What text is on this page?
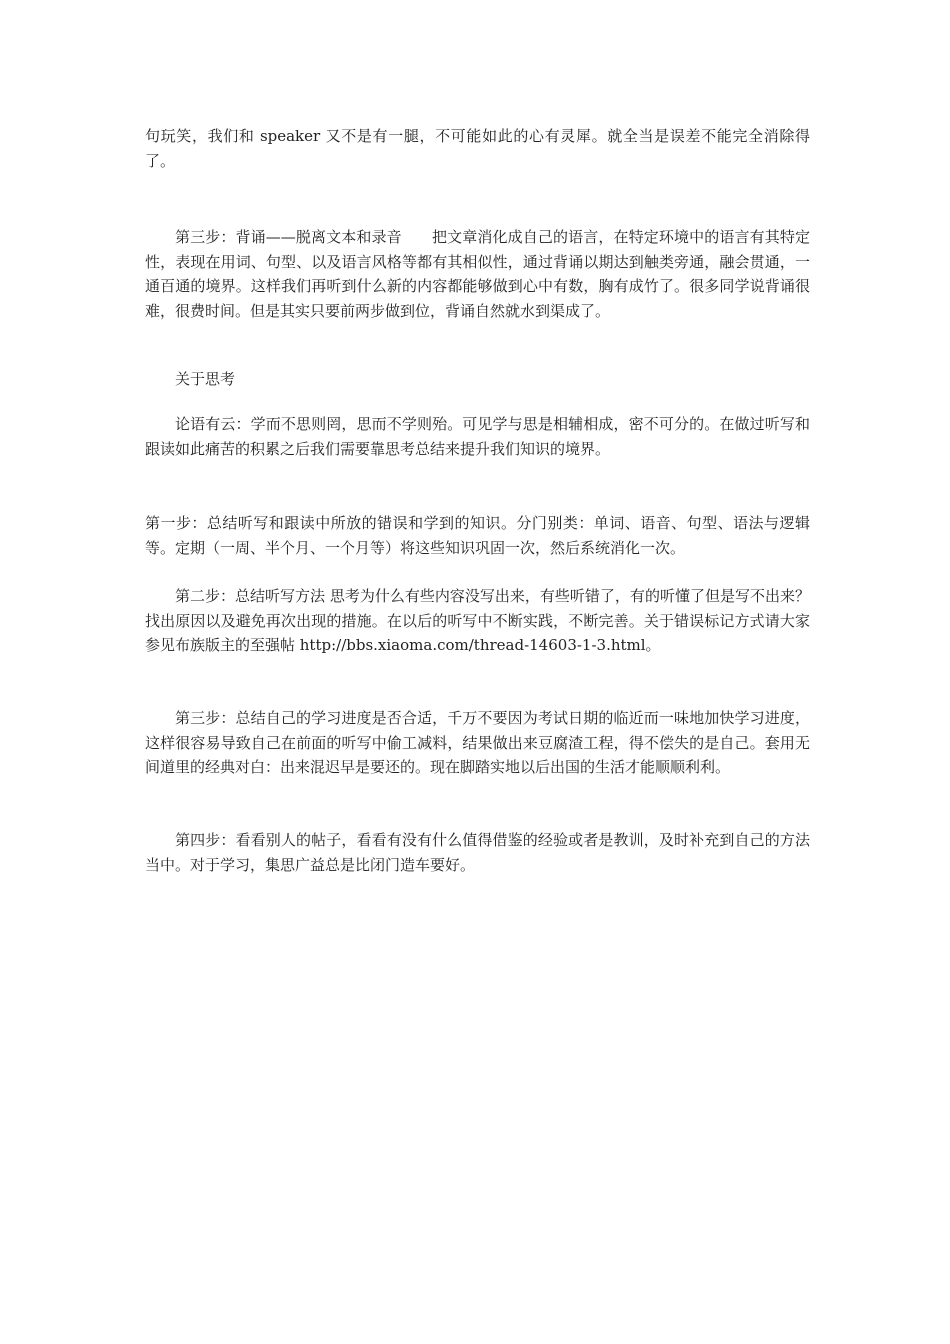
句玩笑，我们和 speaker 又不是有一腿，不可能如此的心有灵犀。就全当是误差不能完全消除得了。

第三步：背诵——脱离文本和录音　　把文章消化成自己的语言，在特定环境中的语言有其特定性，表现在用词、句型、以及语言风格等都有其相似性，通过背诵以期达到触类旁通，融会贯通，一通百通的境界。这样我们再听到什么新的内容都能够做到心中有数，胸有成竹了。很多同学说背诵很难，很费时间。但是其实只要前两步做到位，背诵自然就水到渠成了。

关于思考

论语有云：学而不思则罔，思而不学则殆。可见学与思是相辅相成，密不可分的。在做过听写和跟读如此痛苦的积累之后我们需要靠思考总结来提升我们知识的境界。

第一步：总结听写和跟读中所放的错误和学到的知识。分门别类：单词、语音、句型、语法与逻辑等。定期（一周、半个月、一个月等）将这些知识巩固一次，然后系统消化一次。

第二步：总结听写方法 思考为什么有些内容没写出来，有些听错了，有的听懂了但是写不出来？找出原因以及避免再次出现的措施。在以后的听写中不断实践，不断完善。关于错误标记方式请大家参见布族版主的至强帖 http://bbs.xiaoma.com/thread-14603-1-3.html。

第三步：总结自己的学习进度是否合适，千万不要因为考试日期的临近而一味地加快学习进度，这样很容易导致自己在前面的听写中偷工减料，结果做出来豆腐渣工程，得不偿失的是自己。套用无间道里的经典对白：出来混迟早是要还的。现在脚踏实地以后出国的生活才能顺顺利利。

第四步：看看别人的帖子，看看有没有什么值得借鉴的经验或者是教训，及时补充到自己的方法当中。对于学习，集思广益总是比闭门造车要好。
